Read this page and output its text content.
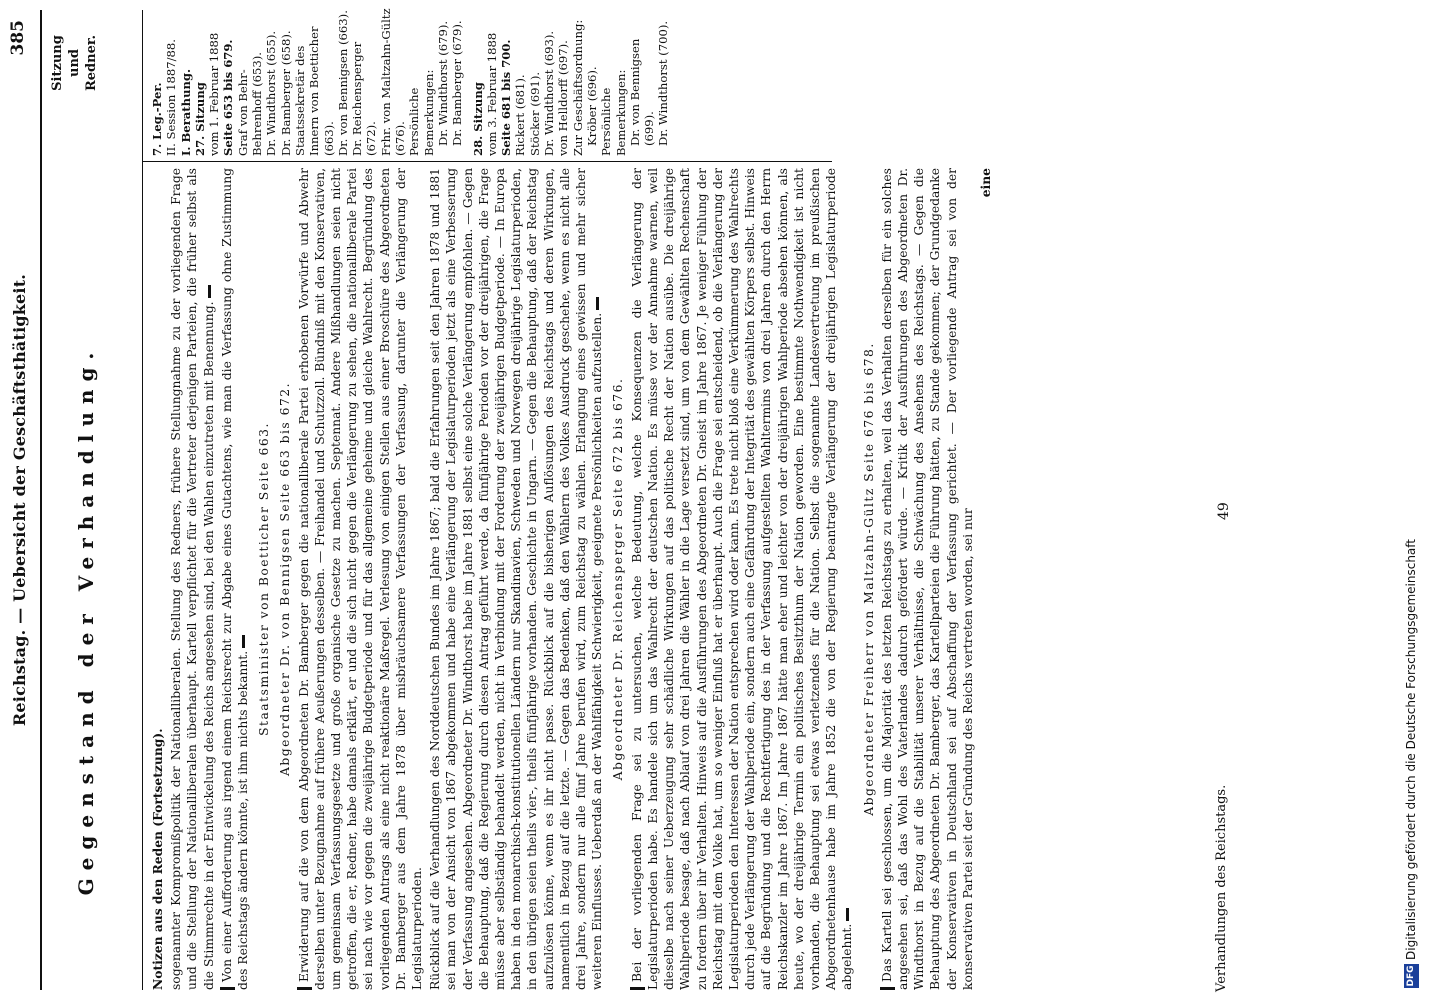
Reichstag. — Uebersicht der Geschäftsthätigkeit.
385
Gegenstand der Verhandlung.
Sitzung und Redner.

Notizen aus den Reden (Fortsetzung). sogenannter Kompromißpolitik der Nationalliberalen. Stellung des Redners, frühere Stellungnahme zu der vorliegenden Frage und die Stellung der Nationalliberalen überhaupt. Kartell verpflichtet für die Vertreter derjenigen Parteien, die früher selbst als die Stimmrechte in der Entwickelung des Reichs angesehen sind, bei den Wahlen einzutreten mit Benennung. Von einer Aufforderung aus irgend einem Reichsrecht zur Abgabe eines Gutachtens, wie man die Verfassung ohne Zustimmung des Reichstags ändern könnte, ist ihm nichts bekannt.

Staatsminister von Boetticher Seite 663. Abgeordneter Dr. von Bennigsen Seite 663 bis 672. Erwiderung auf die von dem Abgeordneten Dr. Bamberger gegen die nationalliberale Partei erhobenen Vorwürfe und Abwehr derselben unter Bezugnahme auf frühere Aeußerungen desselben. — Freihandel und Schutzzoll. Bündniß mit den Konservativen, um gemeinsam Verfassungsgesetze und große organische Gesetze zu machen. Septennat. Andere Mißhandlungen seien nicht getroffen, die er, Redner, habe damals erklärt, er und die sich nicht gegen die Verlängerung zu sehen, die nationalliberale Partei sei nach wie vor gegen die zweijährige Budgetperiode und für das allgemeine geheime und gleiche Wahlrecht. Begründung des vorliegenden Antrags als eine nicht reaktionäre Maßregel. Verlesung von einigen Stellen aus einer Broschüre des Abgeordneten Dr. Bamberger aus dem Jahre 1878 über misbräuchsamere Verfassungen der Verfassung, darunter die Verlängerung der Legislaturperioden. Rückblick auf die Verhandlungen des Norddeutschen Bundes im Jahre 1867; bald die Erfahrungen seit den Jahren 1878 und 1881 sei man von der Ansicht von 1867 abgekommen und habe eine Verlängerung der Legislaturperioden jetzt als eine Verbesserung der Verfassung angesehen. Abgeordneter Dr. Windthorst habe im Jahre 1881 selbst eine solche Verlängerung empfohlen. — Gegen die Behauptung, daß die Regierung durch diesen Antrag geführt werde, da fünfjährige Perioden vor der dreijährigen, die Frage müsse aber selbständig behandelt werden, nicht in Verbindung mit der Forderung der zweijährigen Budgetperiode. — In Europa haben in den monarchisch-konstitutionellen Ländern nur Skandinavien, Schweden und Norwegen dreijährige Legislaturperioden, in den übrigen seien theils vier-, theils fünfjährige vorhanden. Geschichte in Ungarn. — Gegen die Behauptung, daß der Reichstag aufzulösen könne, wenn es ihr nicht passe. Rückblick auf die bisherigen Auflösungen des Reichstags und deren Wirkungen, namentlich in Bezug auf die letzte. — Gegen das Bedenken, daß den Wählern des Volkes Ausdruck geschehe, wenn es nicht alle drei Jahre, sondern nur alle fünf Jahre berufen wird, zum Reichstag zu wählen. Erlangung eines gewissen und mehr sicher weiteren Einflusses. Ueberdaß an der Wahlfähigkeit Schwierigkeit, geeignete Persönlichkeiten aufzustellen. Abgeordneter Dr. Reichensperger Seite 672 bis 676. Bei der vorliegenden Frage sei zu untersuchen, welche Bedeutung, welche Konsequenzen die Verlängerung der Legislaturperioden habe. Es handele sich um das Wahlrecht der deutschen Nation. Es müsse vor der Annahme warnen, weil dieselbe nach seiner Ueberzeugung sehr schädliche Wirkungen auf das politische Recht der Nation ausübe. Die dreijährige Wahlperiode besage, daß nach Ablauf von drei Jahren die Wähler in die Lage versetzt sind, um von dem Gewählten Rechenschaft zu fordern über ihr Verhalten. Hinweis auf die Ausführungen des Abgeordneten Dr. Gneist im Jahre 1867. Je weniger Fühlung der Reichstag mit dem Volke hat, um so weniger Einfluß hat er überhaupt. Auch die Frage sei entscheidend, ob die Verlängerung der Legislaturperioden den Interessen der Nation entsprechen wird oder kann. Es trete nicht bloß eine Verkümmerung des Wahlrechts durch jede Verlängerung der Wahlperiode ein, sondern auch eine Gefährdung der Integrität des gewählten Körpers selbst. Hinweis auf die Begründung und die Rechtfertigung des in der Verfassung aufgestellten Wahltermins von drei Jahren durch den Herrn Reichskanzler im Jahre 1867. Im Jahre 1867 hätte man eher und leichter von der dreijährigen Wahlperiode absehen können, als heute, wo der dreijährige Termin ein politisches Besitzthum der Nation geworden. Eine bestimmte Nothwendigkeit ist nicht vorhanden, die Behauptung sei etwas verletzendes für die Nation. Selbst die sogenannte Landesvertretung im preußischen Abgeordnetenhause habe im Jahre 1852 die von der Regierung beantragte Verlängerung der dreijährigen Legislaturperiode abgelehnt.

Abgeordneter Freiherr von Maltzahn-Gültz Seite 676 bis 678. Das Kartell sei geschlossen, um die Majorität des letzten Reichstags zu erhalten, weil das Verhalten derselben für ein solches angesehen sei, daß das Wohl des Vaterlandes dadurch gefördert würde. — Kritik der Ausführungen des Abgeordneten Dr. Windthorst in Bezug auf die Stabilität unserer Verhältnisse, die Schwächung des Ansehens des Reichstags. — Gegen die Behauptung des Abgeordneten Dr. Bamberger, das Kartellparteien die Führung hätten, zu Stande gekommen; der Grundgedanke der Konservativen in Deutschland sei auf Abschaffung der Verfassung gerichtet. — Der vorliegende Antrag sei von der konservativen Partei seit der Gründung des Reichs vertreten worden, sei nur

eine

7. Leg.-Per. II. Session 1887/88. I. Berathung. 27. Sitzung vom 1. Februar 1888 Seite 653 bis 679. Graf von Behr-Behrenhoff (653). Dr. Windthorst (655). Dr. Bamberger (658). Staatssekretär des Innern von Boetticher (663). Dr. von Bennigsen (663). Dr. Reichensperger (672). Frhr. von Maltzahn-Gültz (676). Persönliche Bemerkungen: Dr. Windthorst (679). Dr. Bamberger (679). 28. Sitzung vom 3. Februar 1888 Seite 681 bis 700. Rickert (681). Stöcker (691). Dr. Windthorst (693). von Helldorff (697). Zur Geschäftsordnung: Kröber (696). Persönliche Bemerkungen: Dr. von Bennigsen (699). Dr. Windthorst (700).
Verhandlungen des Reichstags.
49
DFGDigitalisierung gefördert durch die Deutsche Forschungsgemeinschaft
